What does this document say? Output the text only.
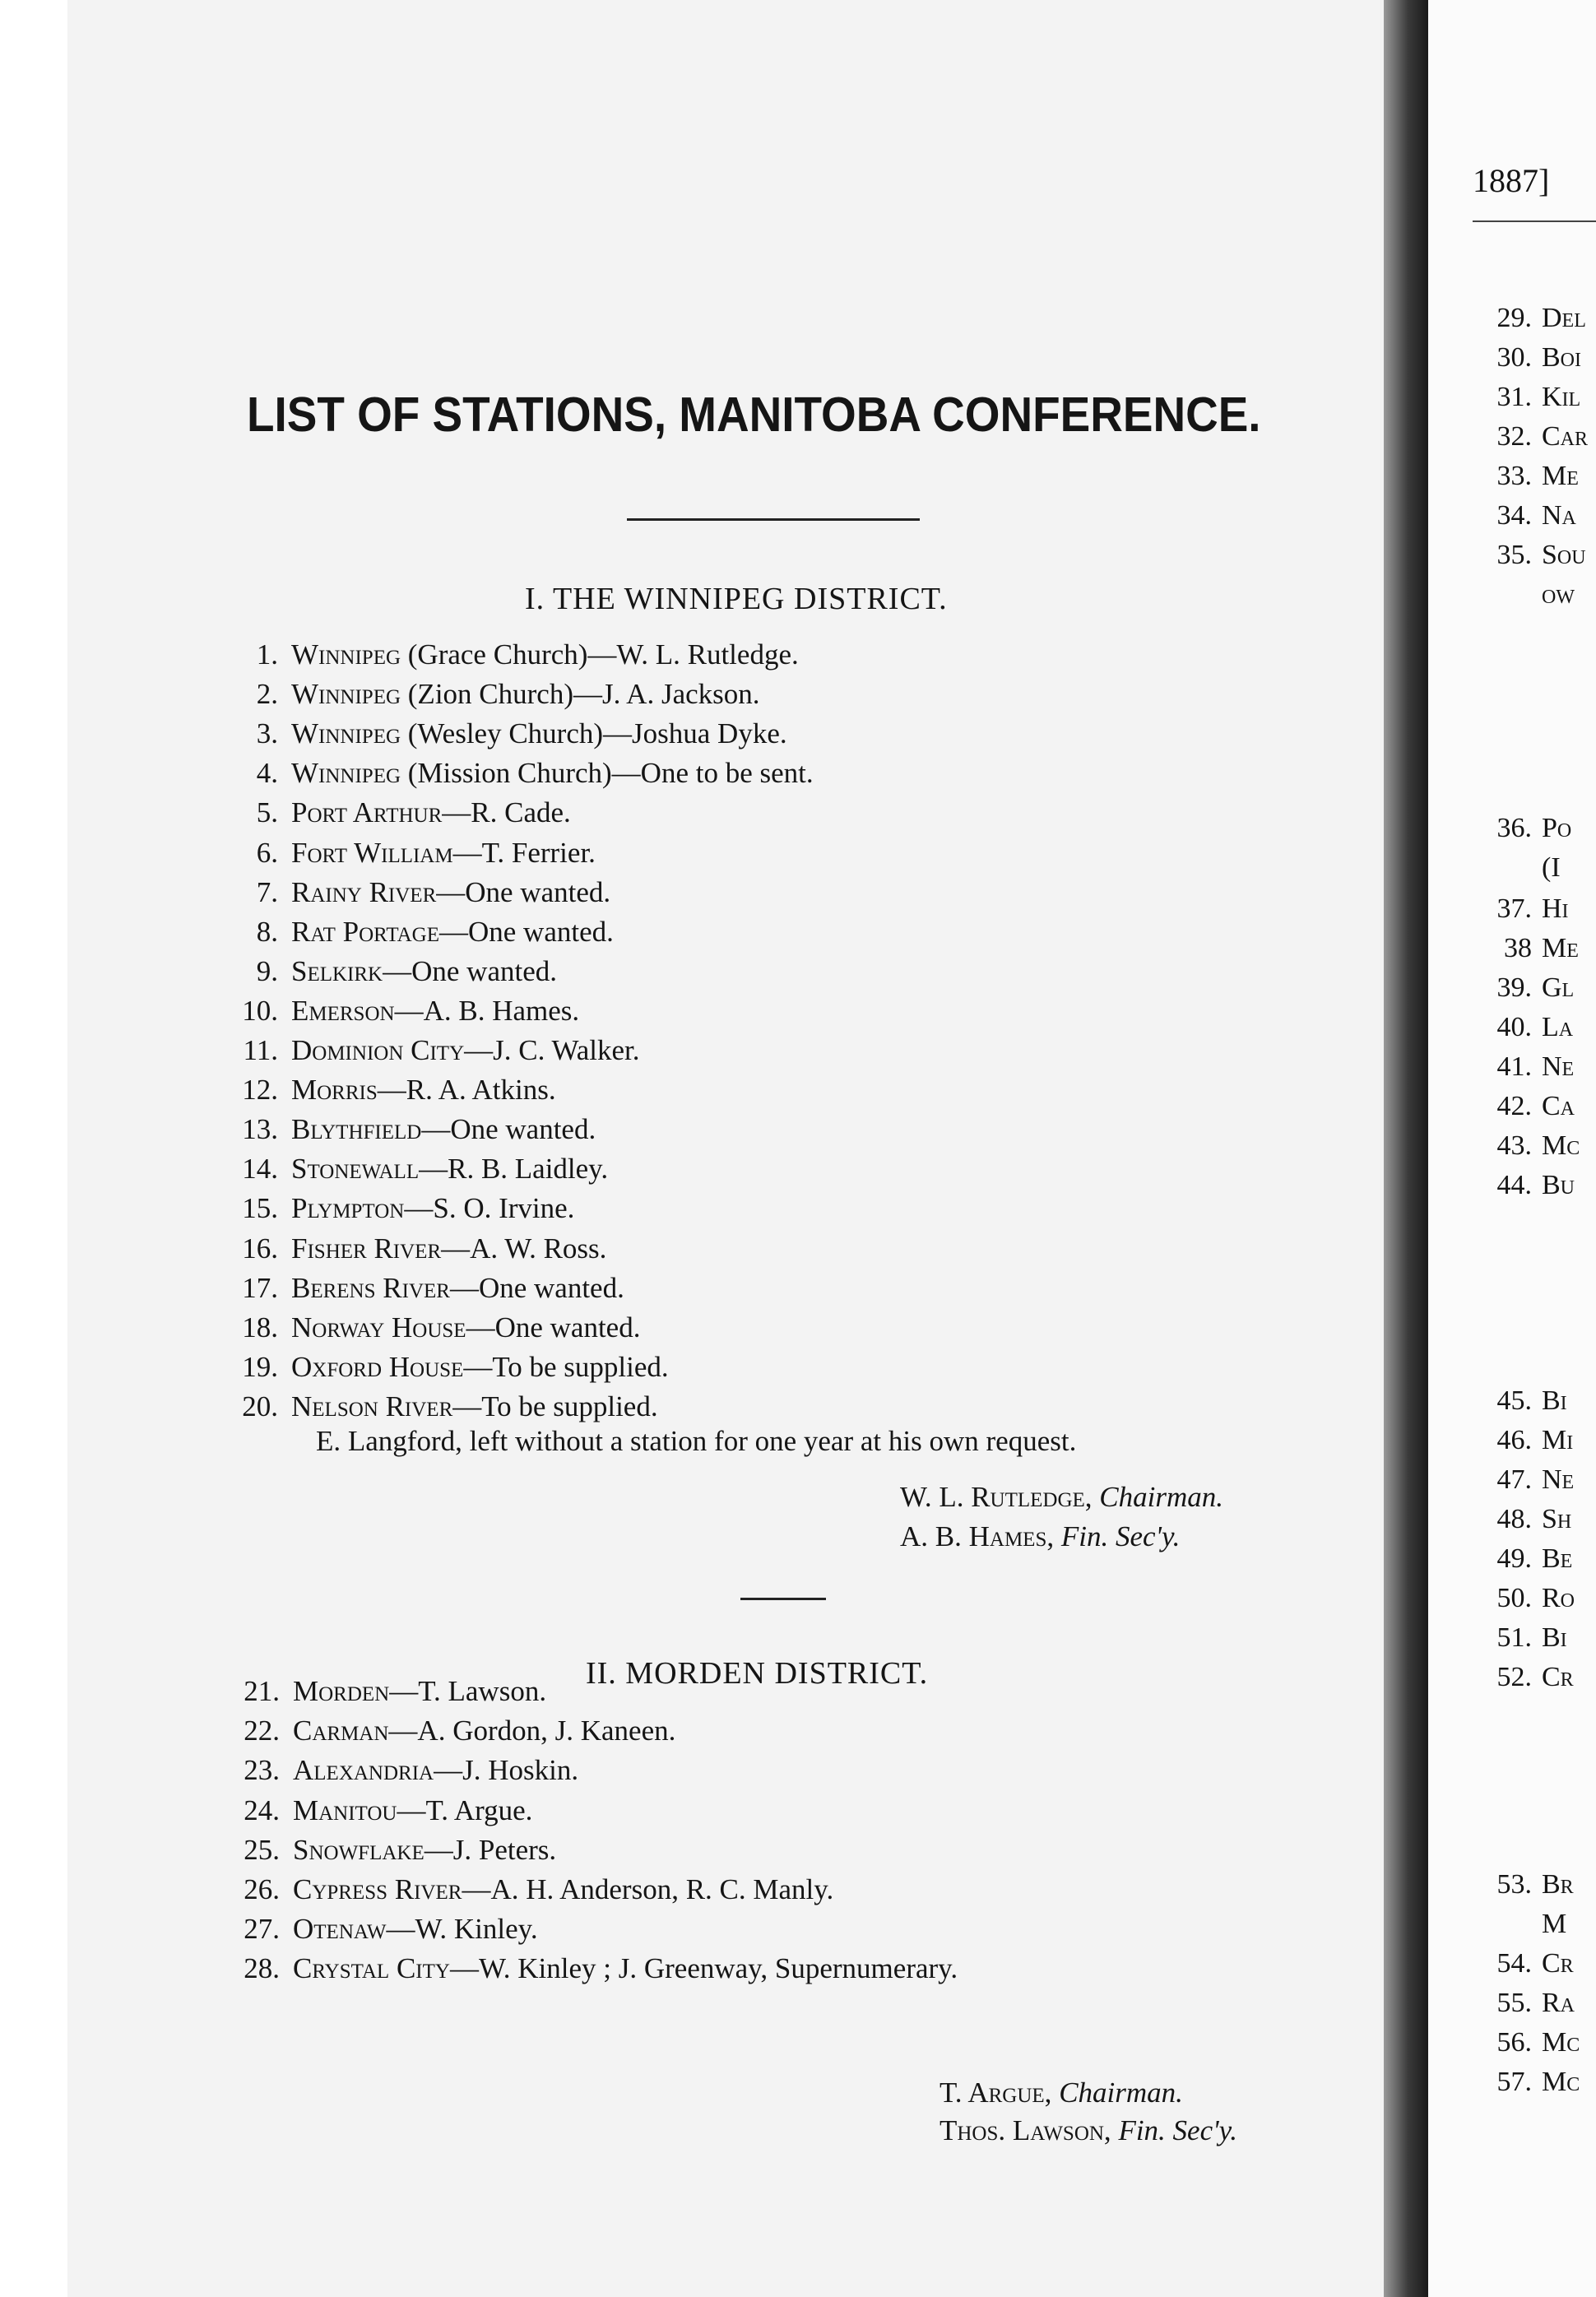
LIST OF STATIONS, MANITOBA CONFERENCE.
I. THE WINNIPEG DISTRICT.
1. Winnipeg (Grace Church)—W. L. Rutledge.
2. Winnipeg (Zion Church)—J. A. Jackson.
3. Winnipeg (Wesley Church)—Joshua Dyke.
4. Winnipeg (Mission Church)—One to be sent.
5. Port Arthur—R. Cade.
6. Fort William—T. Ferrier.
7. Rainy River—One wanted.
8. Rat Portage—One wanted.
9. Selkirk—One wanted.
10. Emerson—A. B. Hames.
11. Dominion City—J. C. Walker.
12. Morris—R. A. Atkins.
13. Blythfield—One wanted.
14. Stonewall—R. B. Laidley.
15. Plympton—S. O. Irvine.
16. Fisher River—A. W. Ross.
17. Berens River—One wanted.
18. Norway House—One wanted.
19. Oxford House—To be supplied.
20. Nelson River—To be supplied.
E. Langford, left without a station for one year at his own request.
W. L. Rutledge, Chairman.
A. B. Hames, Fin. Sec'y.
II. MORDEN DISTRICT.
21. Morden—T. Lawson.
22. Carman—A. Gordon, J. Kaneen.
23. Alexandria—J. Hoskin.
24. Manitou—T. Argue.
25. Snowflake—J. Peters.
26. Cypress River—A. H. Anderson, R. C. Manly.
27. Otenaw—W. Kinley.
28. Crystal City—W. Kinley ; J. Greenway, Supernumerary.
T. Argue, Chairman.
Thos. Lawson, Fin. Sec'y.
1887]
29. Del
30. Boi
31. Kil
32. Car
33. Me
34. Na
35. Sou
ow
36. Po
(I
37. Hi
38 Me
39. Gl
40. La
41. Ne
42. Ca
43. Mc
44. Bu
45. Bi
46. Mi
47. Ne
48. Sh
49. Be
50. Ro
51. Bi
52. Cr
53. Br
M
54. Cr
55. Ra
56. Mc
57. Mc
